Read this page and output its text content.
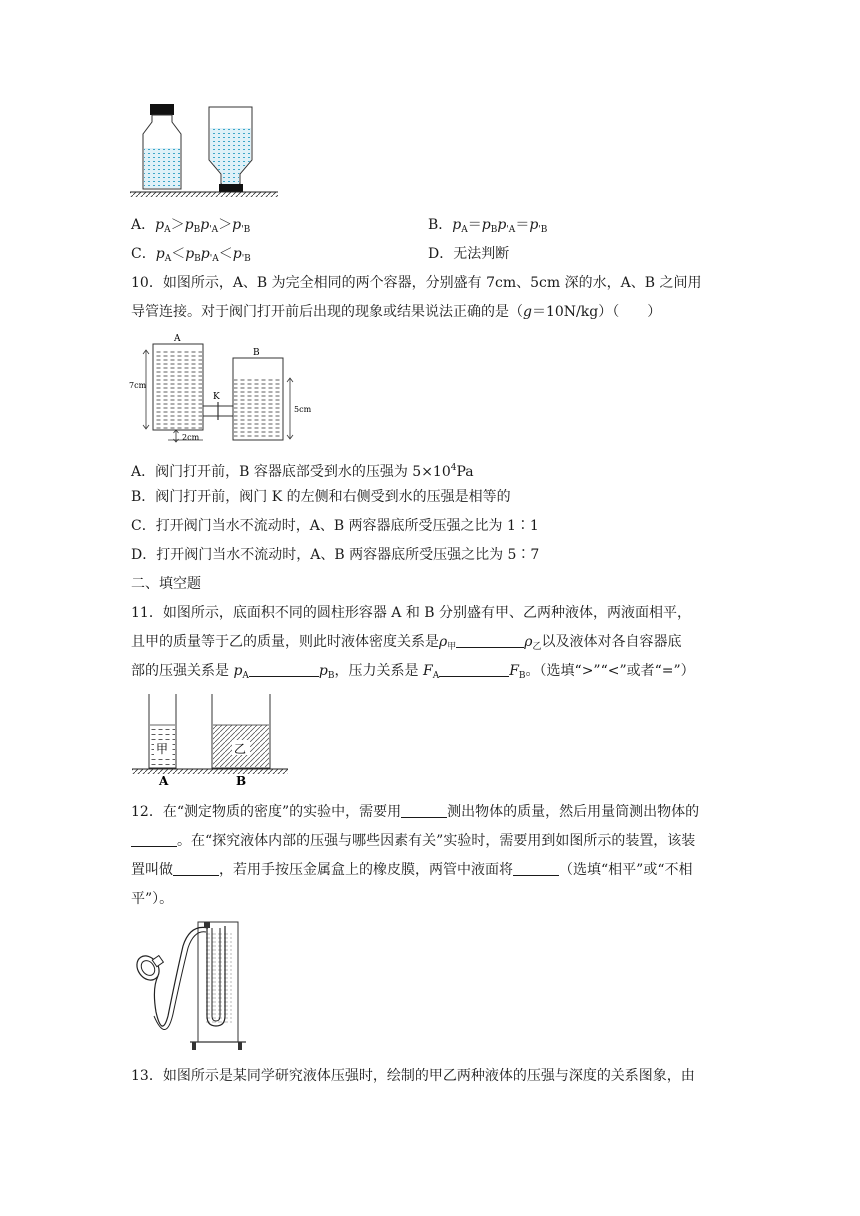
A．$p_A>p_Bp_{'A}>p_{'B}$	B．$p_A=p_Bp_{'A}=p_{'B}$
C．$p_A<p_Bp_{'A}<p_{'B}$	D．无法判断
10．如图所示，A、B 为完全相同的两个容器，分别盛有 7cm、5cm 深的水，A、B 之间用
导管连接。对于阀门打开前后出现的现象或结果说法正确的是（g＝10N/kg）（　　）
A
B
K
7cm
5cm
2cm
A．阀门打开前，B 容器底部受到水的压强为 $5\times 10^4Pa$
B．阀门打开前，阀门 K 的左侧和右侧受到水的压强是相等的
C．打开阀门当水不流动时，A、B 两容器底所受压强之比为 1∶1
D．打开阀门当水不流动时，A、B 两容器底所受压强之比为 5∶7
二、填空题
11．如图所示，底面积不同的圆柱形容器 A 和 B 分别盛有甲、乙两种液体，两液面相平，
且甲的质量等于乙的质量，则此时液体密度关系是$\rho_甲$	$\rho_乙$以及液体对各自容器底
部的压强关系是 $p_A$	$p_B$，压力关系是 $F_A$	$F_B$。（选填“>”“<”或者“=”）
甲	乙
A	B
12．在“测定物质的密度”的实验中，需要用	测出物体的质量，然后用量筒测出物体的
。在“探究液体内部的压强与哪些因素有关”实验时，需要用到如图所示的装置，该装
置叫做	，若用手按压金属盒上的橡皮膜，两管中液面将	（选填“相平”或“不相
平”）。
13．如图所示是某同学研究液体压强时，绘制的甲乙两种液体的压强与深度的关系图象，由
